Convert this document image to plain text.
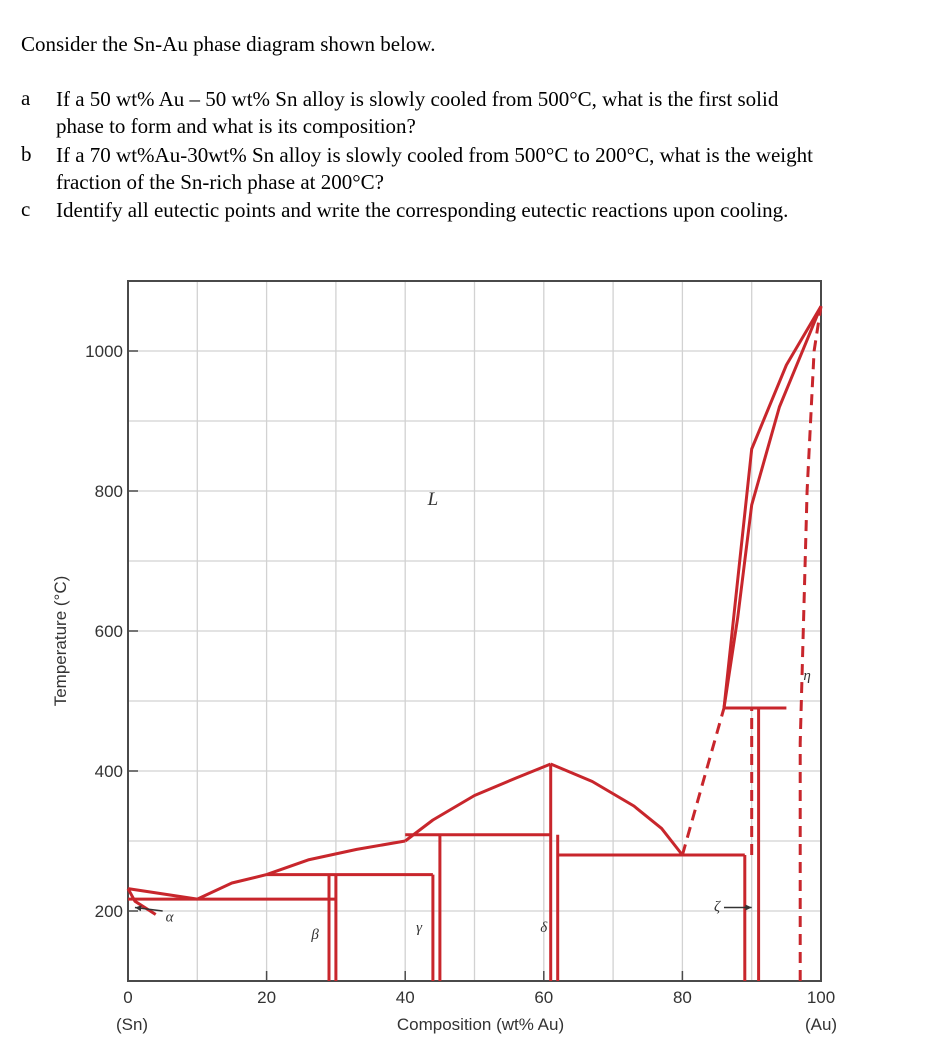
Consider the Sn-Au phase diagram shown below.
a If a 50 wt% Au – 50 wt% Sn alloy is slowly cooled from 500°C, what is the first solid
phase to form and what is its composition?
b If a 70 wt%Au-30wt% Sn alloy is slowly cooled from 500°C to 200°C, what is the weight
fraction of the Sn-rich phase at 200°C?
c Identify all eutectic points and write the corresponding eutectic reactions upon cooling.
0	20	40	60	80	100
200
400
600
800
1000
L
α
β	γ	δ
ζ
η
Composition (wt% Au)
Temperature (°C)
(Sn)	(Au)
